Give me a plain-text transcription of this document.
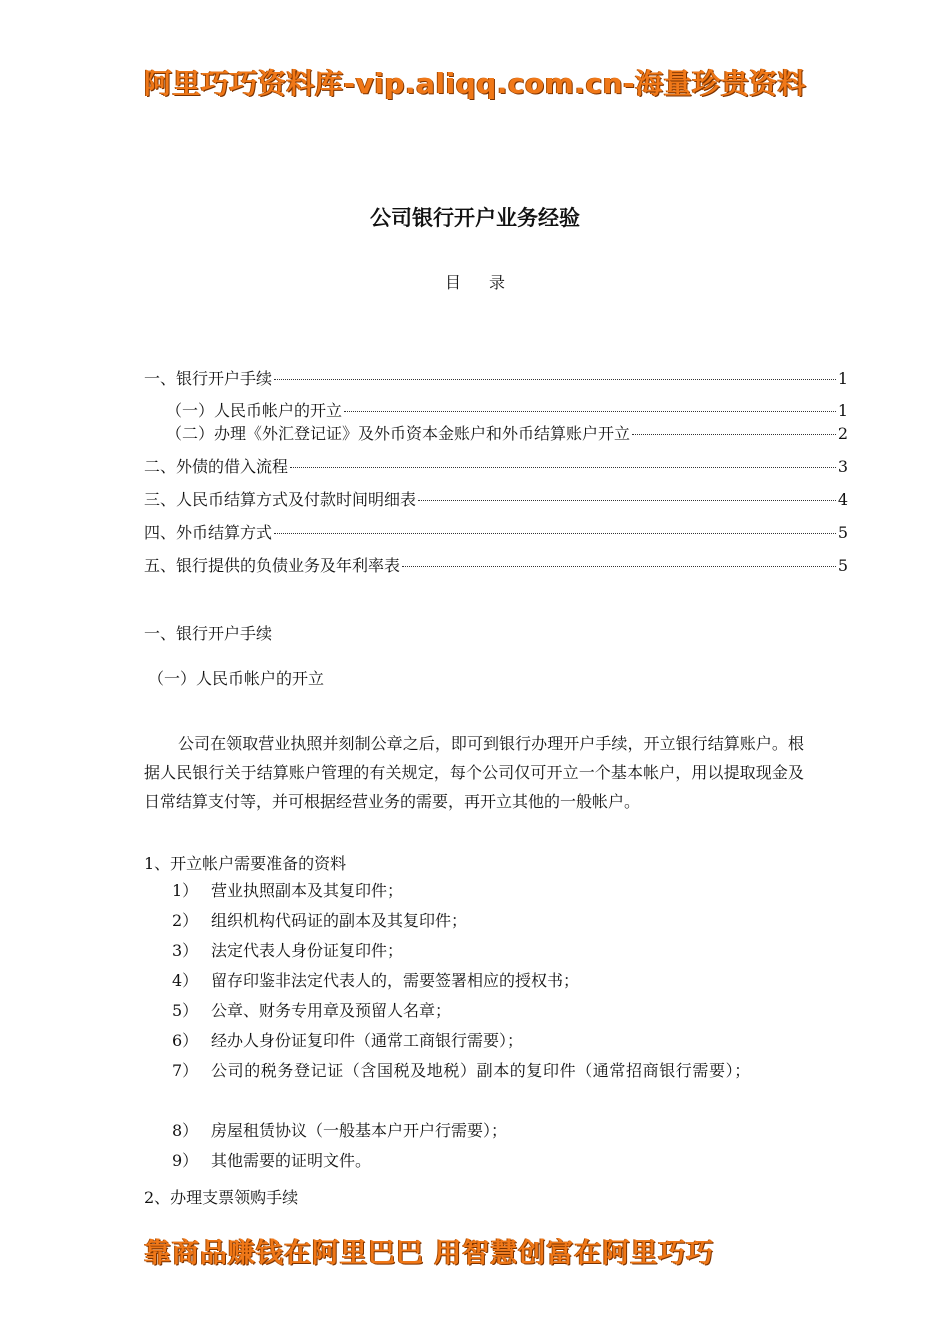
阿里巧巧资料库-vip.aliqq.com.cn-海量珍贵资料
公司银行开户业务经验
目录
一、银行开户手续	1
（一）人民币帐户的开立	1
（二）办理《外汇登记证》及外币资本金账户和外币结算账户开立	2
二、外债的借入流程	3
三、人民币结算方式及付款时间明细表	4
四、外币结算方式	5
五、银行提供的负债业务及年利率表	5
一、银行开户手续
（一）人民币帐户的开立
公司在领取营业执照并刻制公章之后，即可到银行办理开户手续，开立银行结算账户。根据人民银行关于结算账户管理的有关规定，每个公司仅可开立一个基本帐户，用以提取现金及日常结算支付等，并可根据经营业务的需要，再开立其他的一般帐户。
1、开立帐户需要准备的资料
1） 营业执照副本及其复印件；
2） 组织机构代码证的副本及其复印件；
3） 法定代表人身份证复印件；
4） 留存印鉴非法定代表人的，需要签署相应的授权书；
5） 公章、财务专用章及预留人名章；
6） 经办人身份证复印件（通常工商银行需要）；
7） 公司的税务登记证（含国税及地税）副本的复印件（通常招商银行需要）；
8） 房屋租赁协议（一般基本户开户行需要）；
9） 其他需要的证明文件。
2、办理支票领购手续
靠商品赚钱在阿里巴巴 用智慧创富在阿里巧巧
